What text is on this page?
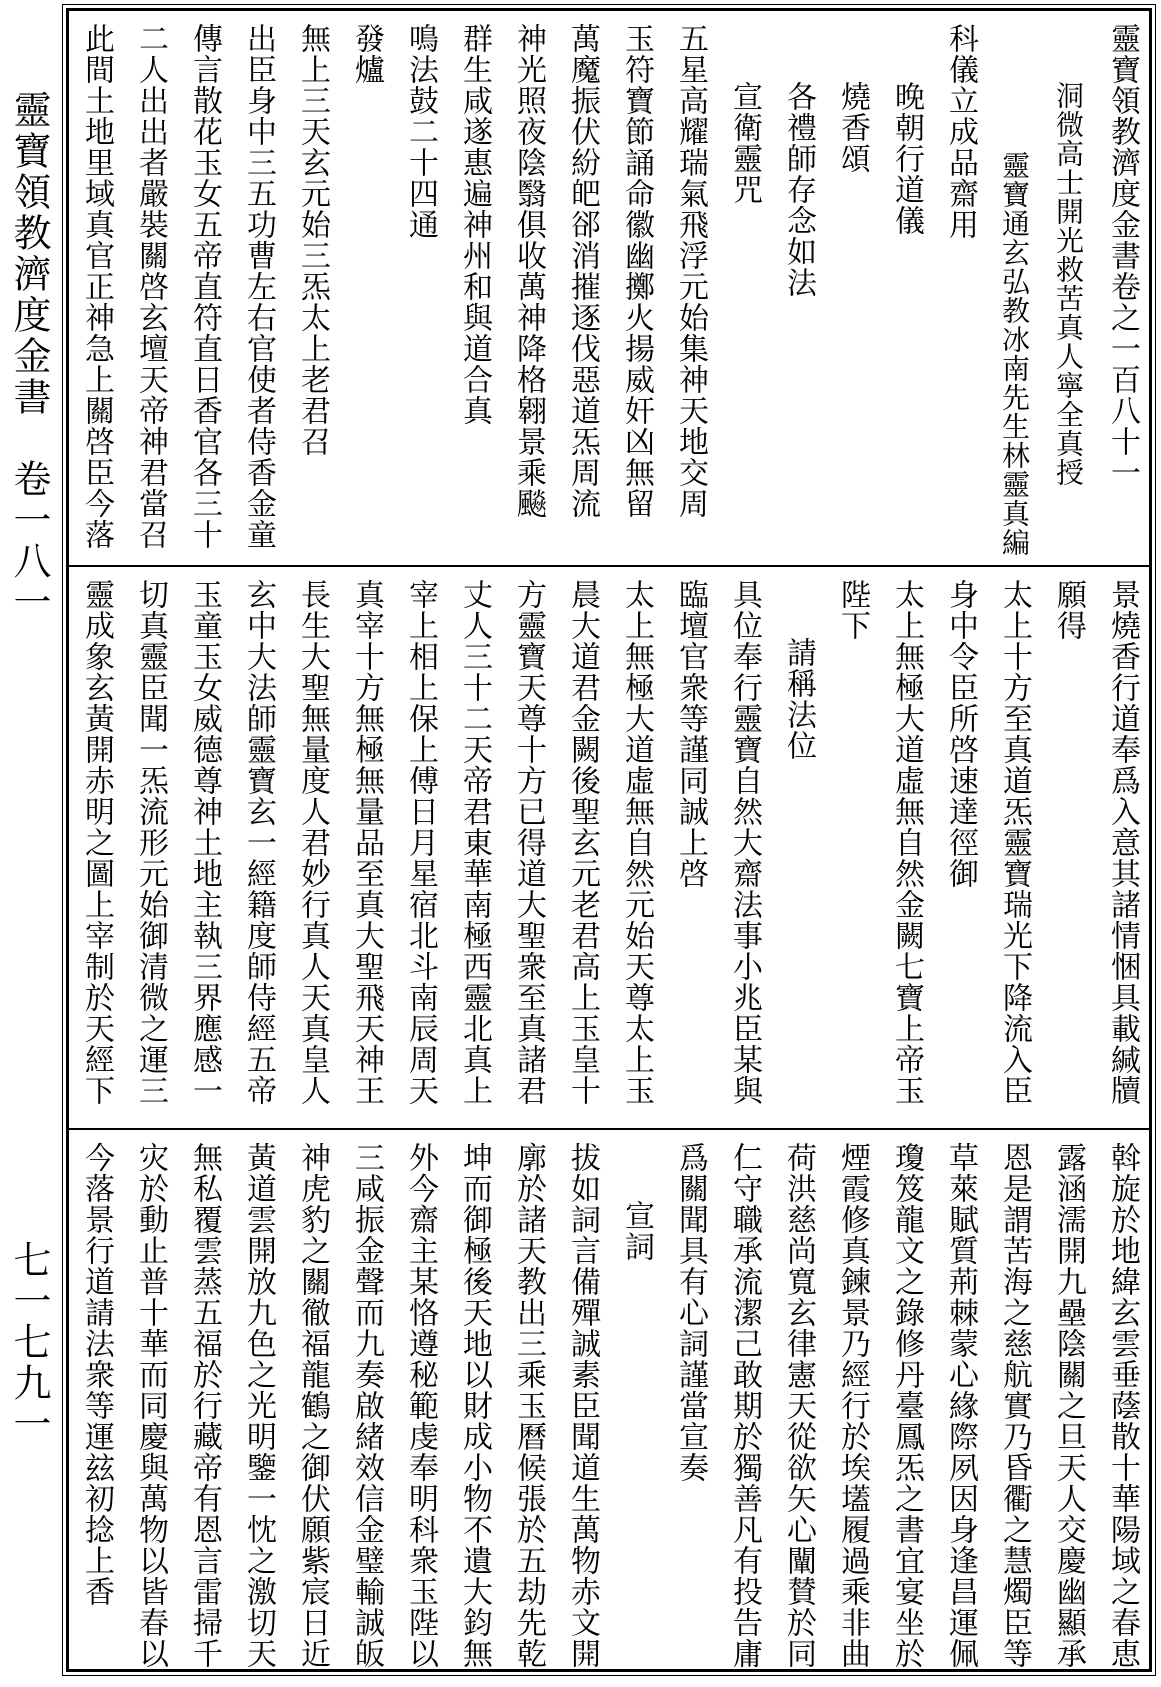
靈寶領教濟度金書　卷一八一
七一七九一
靈寶領教濟度金書卷之一百八十一
洞微高士開光救苦真人寧全真授
靈寶通玄弘教冰南先生林靈真編
科儀立成品齋用
晚朝行道儀
燒香頌
各禮師存念如法
宣衛靈咒
五星高耀瑞氣飛浮元始集神天地交周
玉符寶節誦命徽幽擲火揚威奸凶無留
萬魔振伏紛皅郤消摧逐伐惡道炁周流
神光照夜陰翳俱收萬神降格翱景乘飈
群生咸遂惠遍神州和與道合真
鳴法鼓二十四通
發爐
無上三天玄元始三炁太上老君召
出臣身中三五功曹左右官使者侍香金童
傳言散花玉女五帝直符直日香官各三十
二人出出者嚴裝關啓玄壇天帝神君當召
此間土地里域真官正神急上關啓臣今落
景燒香行道奉爲入意其諸情悃具載緘牘
願得
太上十方至真道炁靈寶瑞光下降流入臣
身中令臣所啓速達徑御
太上無極大道虛無自然金闕七寶上帝玉
陛下
請稱法位
具位奉行靈寶自然大齋法事小兆臣某與
臨壇官衆等謹同誠上啓
太上無極大道虛無自然元始天尊太上玉
晨大道君金闕後聖玄元老君高上玉皇十
方靈寶天尊十方已得道大聖衆至真諸君
丈人三十二天帝君東華南極西靈北真上
宰上相上保上傅日月星宿北斗南辰周天
真宰十方無極無量品至真大聖飛天神王
長生大聖無量度人君妙行真人天真皇人
玄中大法師靈寶玄一經籍度師侍經五帝
玉童玉女威德尊神土地主執三界應感一
切真靈臣聞一炁流形元始御清微之運三
靈成象玄黃開赤明之圖上宰制於天經下
斡旋於地緯玄雲垂蔭散十華陽域之春恵
露涵濡開九壘陰關之旦天人交慶幽顯承
恩是謂苦海之慈航實乃昏衢之慧燭臣等
草萊賦質荊棘蒙心緣際夙因身逢昌運佩
瓊笈龍文之錄修丹臺鳳炁之書宜宴坐於
煙霞修真鍊景乃經行於埃壒履過乘非曲
荷洪慈尚寬玄律憲天從欲矢心闡賛於同
仁守職承流潔己敢期於獨善凡有投告庸
爲關聞具有心詞謹當宣奏
宣詞
拔如詞言備殫誠素臣聞道生萬物赤文開
廓於諸天教出三乘玉曆候張於五劫先乾
坤而御極後天地以財成小物不遺大鈞無
外今齋主某恪遵秘範虔奉明科衆玉陛以
三咸振金聲而九奏啟緒效信金璧輸誠皈
神虎豹之關徹福龍鶴之御伏願紫宸日近
黃道雲開放九色之光明鑒一忱之激切天
無私覆雲蒸五福於行藏帝有恩言雷掃千
灾於動止普十華而同慶與萬物以皆春以
今落景行道請法衆等運玆初捻上香
